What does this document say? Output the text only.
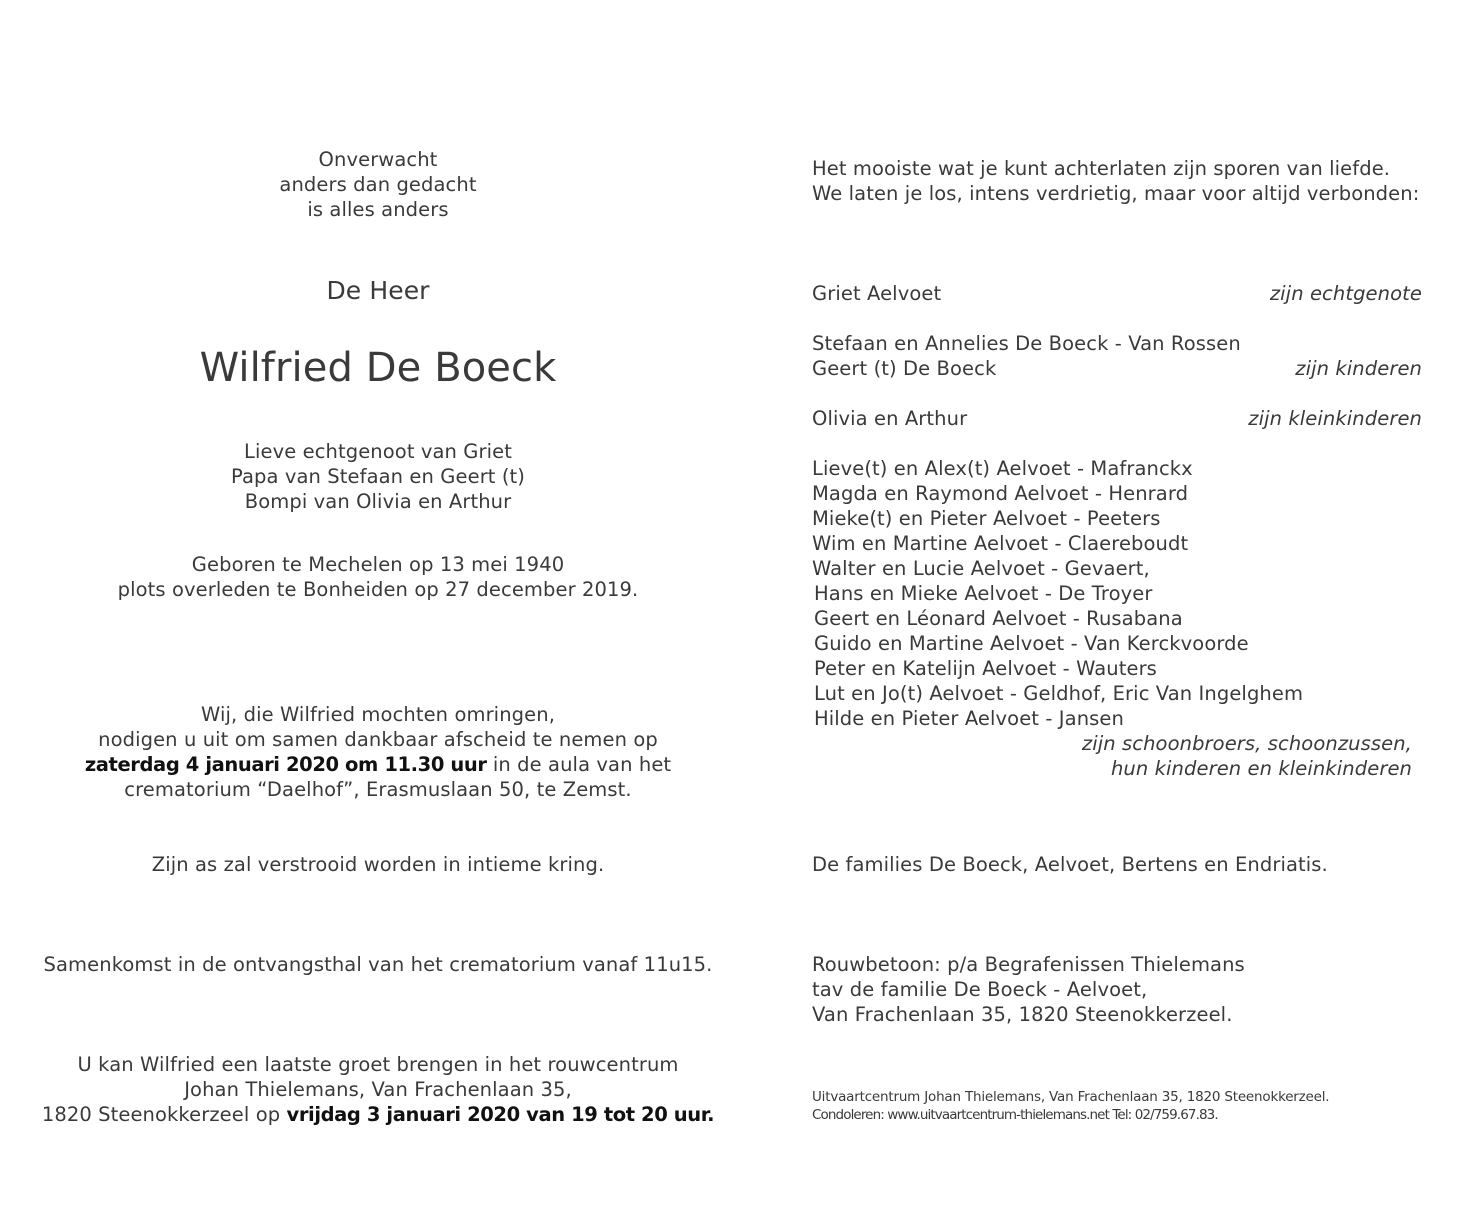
Onverwacht
anders dan gedacht
is alles anders
De Heer
Wilfried De Boeck
Lieve echtgenoot van Griet
Papa van Stefaan en Geert (t)
Bompi van Olivia en Arthur
Geboren te Mechelen op 13 mei 1940
plots overleden te Bonheiden op 27 december 2019.
Wij, die Wilfried mochten omringen,
nodigen u uit om samen dankbaar afscheid te nemen op
zaterdag 4 januari 2020 om 11.30 uur in de aula van het
crematorium “Daelhof”, Erasmuslaan 50, te Zemst.
Zijn as zal verstrooid worden in intieme kring.
Samenkomst in de ontvangsthal van het crematorium vanaf 11u15.
U kan Wilfried een laatste groet brengen in het rouwcentrum
Johan Thielemans, Van Frachenlaan 35,
1820 Steenokkerzeel op vrijdag 3 januari 2020 van 19 tot 20 uur.
Het mooiste wat je kunt achterlaten zijn sporen van liefde.
We laten je los, intens verdrietig, maar voor altijd verbonden:
Griet Aelvoet	zijn echtgenote
Stefaan en Annelies De Boeck - Van Rossen
Geert (t) De Boeck	zijn kinderen
Olivia en Arthur	zijn kleinkinderen
Lieve(t) en Alex(t) Aelvoet - Mafranckx
Magda en Raymond Aelvoet - Henrard
Mieke(t) en Pieter Aelvoet - Peeters
Wim en Martine Aelvoet - Claereboudt
Walter en Lucie Aelvoet - Gevaert,
Hans en Mieke Aelvoet - De Troyer
Geert en Léonard Aelvoet - Rusabana
Guido en Martine Aelvoet - Van Kerckvoorde
Peter en Katelijn Aelvoet - Wauters
Lut en Jo(t) Aelvoet - Geldhof, Eric Van Ingelghem
Hilde en Pieter Aelvoet - Jansen
zijn schoonbroers, schoonzussen,
hun kinderen en kleinkinderen
De families De Boeck, Aelvoet, Bertens en Endriatis.
Rouwbetoon: p/a Begrafenissen Thielemans
tav de familie De Boeck - Aelvoet,
Van Frachenlaan 35, 1820 Steenokkerzeel.
Uitvaartcentrum Johan Thielemans, Van Frachenlaan 35, 1820 Steenokkerzeel.
Condoleren: www.uitvaartcentrum-thielemans.net Tel: 02/759.67.83.
